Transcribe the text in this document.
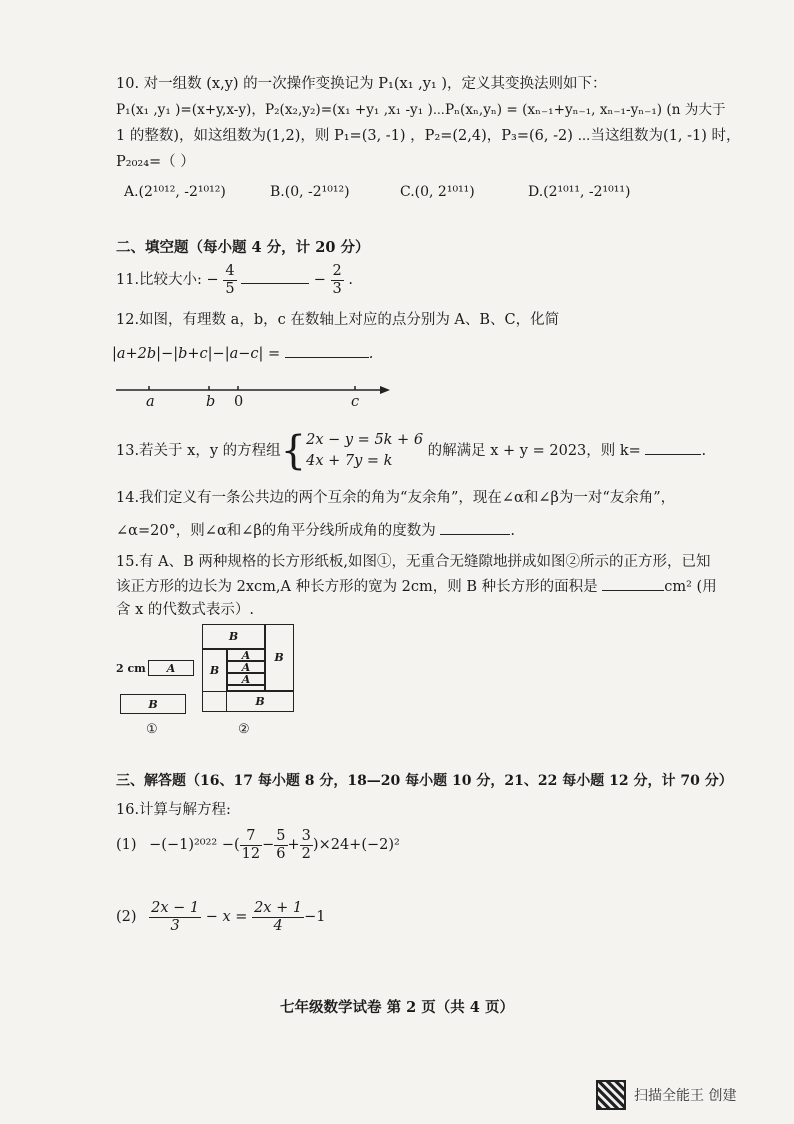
10. 对一组数 (x,y) 的一次操作变换记为 P₁(x₁ ,y₁ )，定义其变换法则如下：
P₁(x₁ ,y₁ )=(x+y,x-y)，P₂(x₂,y₂)=(x₁ +y₁ ,x₁ -y₁ )⋯Pₙ(xₙ,yₙ) = (xₙ₋₁+yₙ₋₁, xₙ₋₁-yₙ₋₁) (n 为大于
1 的整数)，如这组数为(1,2)，则 P₁=(3, -1) ，P₂=(2,4)，P₃=(6, -2) ⋯当这组数为(1, -1) 时，
P₂₀₂₄=（ ）
A.(2¹⁰¹², -2¹⁰¹²)	B.(0, -2¹⁰¹²)	C.(0, 2¹⁰¹¹)	D.(2¹⁰¹¹, -2¹⁰¹¹)
二、填空题（每小题 4 分，计 20 分）
11.比较大小: − $\frac{4}{5}$	− $\frac{2}{3}$ .
12.如图，有理数 a，b，c 在数轴上对应的点分别为 A、B、C，化简
|a+2b|−|b+c|−|a−c| =	.
a	b 0	c
13.若关于 x，y 的方程组{ 2x − y = 5k + 6
4x + 7y = k
的解满足 x + y = 2023，则 k=	.
14.我们定义有一条公共边的两个互余的角为“友余角”，现在∠α和∠β为一对“友余角”，
∠α=20°，则∠α和∠β的角平分线所成角的度数为	.
15.有 A、B 两种规格的长方形纸板,如图①，无重合无缝隙地拼成如图②所示的正方形，已知
该正方形的边长为 2xcm,A 种长方形的宽为 2cm，则 B 种长方形的面积是	cm² (用
含 x 的代数式表示）.
2 cm	A
B
①
B
B
A
A
A
B
B
②
三、解答题（16、17 每小题 8 分，18—20 每小题 10 分，21、22 每小题 12 分，计 70 分）
16.计算与解方程:
(1) −(−1)²⁰²² −( $\frac{7}{12} - \frac{5}{6} + \frac{3}{2} )\times 24+(-2)^2$
$(2) \frac{2x - 1}{3} - x = \frac{2x + 1}{4} -1$
七年级数学试卷 第 2 页（共 4 页）
扫描全能王 创建
